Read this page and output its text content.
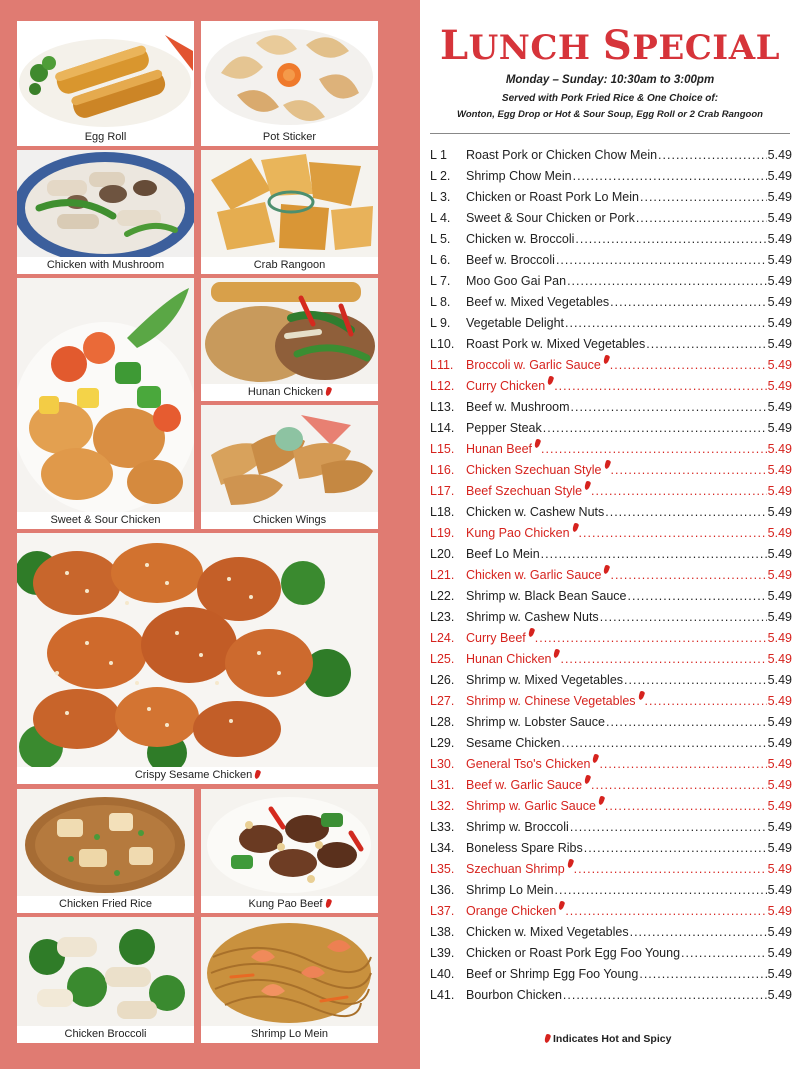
Egg Roll	Pot Sticker
Chicken with Mushroom	Crab Rangoon
Hunan Chicken
Sweet & Sour Chicken	Chicken Wings
Crispy Sesame Chicken
Chicken Fried Rice	Kung Pao Beef
Chicken Broccoli	Shrimp Lo Mein
LUNCH SPECIAL
Monday – Sunday: 10:30am to 3:00pm
Served with Pork Fried Rice & One Choice of:
Wonton, Egg Drop or Hot & Sour Soup, Egg Roll or 2 Crab Rangoon
L 1	Roast Pork or Chicken Chow Mein .....	5.49
L 2.	Shrimp Chow Mein .....	5.49
L 3.	Chicken or Roast Pork Lo Mein .....	5.49
L 4.	Sweet & Sour Chicken or Pork .....	5.49
L 5.	Chicken w. Broccoli .....	5.49
L 6.	Beef w. Broccoli .....	5.49
L 7.	Moo Goo Gai Pan .....	5.49
L 8.	Beef w. Mixed Vegetables .....	5.49
L 9.	Vegetable Delight .....	5.49
L10. Roast Pork w. Mixed Vegetables .....	5.49
L11.	Broccoli w. Garlic Sauce .....	5.49
L12. Curry Chicken .....	5.49
L13. Beef w. Mushroom .....	5.49
L14. Pepper Steak .....	5.49
L15. Hunan Beef .....	5.49
L16. Chicken Szechuan Style .....	5.49
L17. Beef Szechuan Style .....	5.49
L18. Chicken w. Cashew Nuts .....	5.49
L19. Kung Pao Chicken .....	5.49
L20. Beef Lo Mein .....	5.49
L21. Chicken w. Garlic Sauce .....	5.49
L22. Shrimp w. Black Bean Sauce .....	5.49
L23. Shrimp w. Cashew Nuts .....	5.49
L24. Curry Beef .....	5.49
L25. Hunan Chicken .....	5.49
L26. Shrimp w. Mixed Vegetables .....	5.49
L27. Shrimp w. Chinese Vegetables .....	5.49
L28. Shrimp w. Lobster Sauce .....	5.49
L29. Sesame Chicken .....	5.49
L30. General Tso's Chicken .....	5.49
L31. Beef w. Garlic Sauce .....	5.49
L32. Shrimp w. Garlic Sauce .....	5.49
L33. Shrimp w. Broccoli .....	5.49
L34. Boneless Spare Ribs .....	5.49
L35. Szechuan Shrimp .....	5.49
L36. Shrimp Lo Mein .....	5.49
L37. Orange Chicken .....	5.49
L38. Chicken w. Mixed Vegetables .....	5.49
L39. Chicken or Roast Pork Egg Foo Young .....	5.49
L40. Beef or Shrimp Egg Foo Young .....	5.49
L41. Bourbon Chicken .....	5.49
Indicates Hot and Spicy
